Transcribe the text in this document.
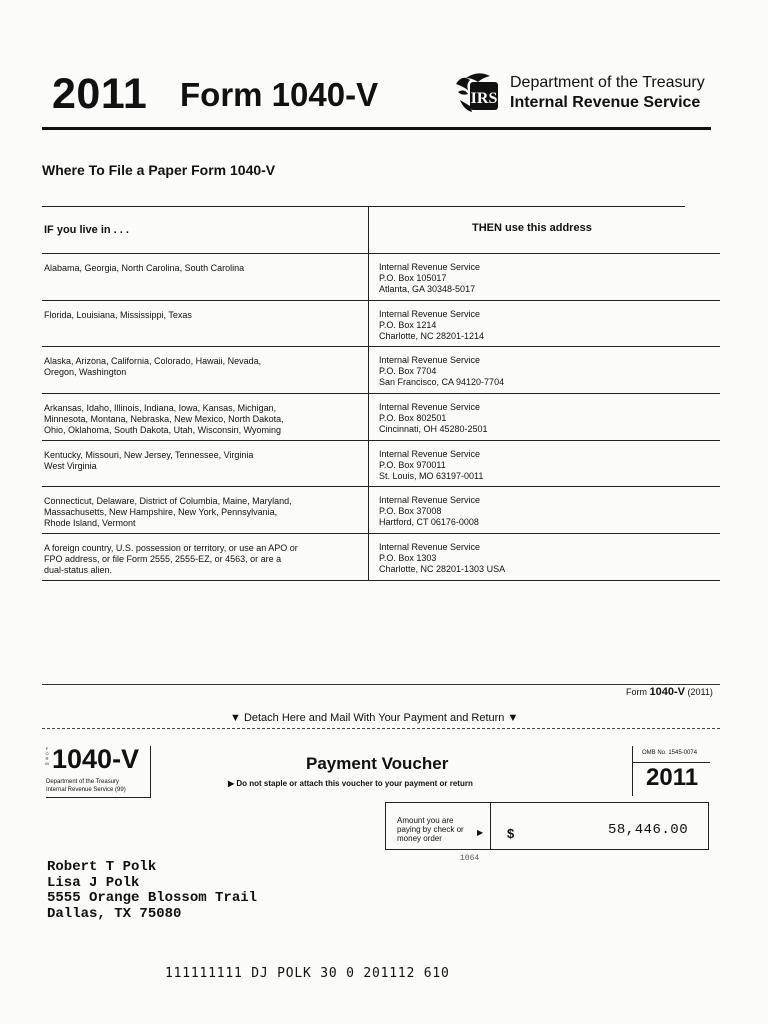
2011 Form 1040-V	IRS
Department of the Treasury
Internal Revenue Service
Where To File a Paper Form 1040-V
IF you live in . . .	THEN use this address
Alabama, Georgia, North Carolina, South Carolina	Internal Revenue Service
P.O. Box 105017
Atlanta, GA 30348-5017
Florida, Louisiana, Mississippi, Texas	Internal Revenue Service
P.O. Box 1214
Charlotte, NC 28201-1214
Alaska, Arizona, California, Colorado, Hawaii, Nevada,
Oregon, Washington
Internal Revenue Service
P.O. Box 7704
San Francisco, CA 94120-7704
Arkansas, Idaho, Illinois, Indiana, Iowa, Kansas, Michigan,
Minnesota, Montana, Nebraska, New Mexico, North Dakota,
Ohio, Oklahoma, South Dakota, Utah, Wisconsin, Wyoming
Internal Revenue Service
P.O. Box 802501
Cincinnati, OH 45280-2501
Kentucky, Missouri, New Jersey, Tennessee, Virginia
West Virginia
Internal Revenue Service
P.O. Box 970011
St. Louis, MO 63197-0011
Connecticut, Delaware, District of Columbia, Maine, Maryland,
Massachusetts, New Hampshire, New York, Pennsylvania,
Rhode Island, Vermont
Internal Revenue Service
P.O. Box 37008
Hartford, CT 06176-0008
A foreign country, U.S. possession or territory, or use an APO or
FPO address, or file Form 2555, 2555-EZ, or 4563, or are a
dual-status alien.
Internal Revenue Service
P.O. Box 1303
Charlotte, NC 28201-1303 USA
Form 1040-V (2011)
▼ Detach Here and Mail With Your Payment and Return ▼
F
O
R
M 1040-V
Department of the Treasury
Internal Revenue Service (99)
Payment Voucher
▶ Do not staple or attach this voucher to your payment or return
OMB No. 1545-0074
2011
Amount you are paying by check or money order
▶ $	58,446.00
1064
Robert T Polk
Lisa J Polk
5555 Orange Blossom Trail
Dallas, TX 75080
111111111 DJ POLK 30 0 201112 610
